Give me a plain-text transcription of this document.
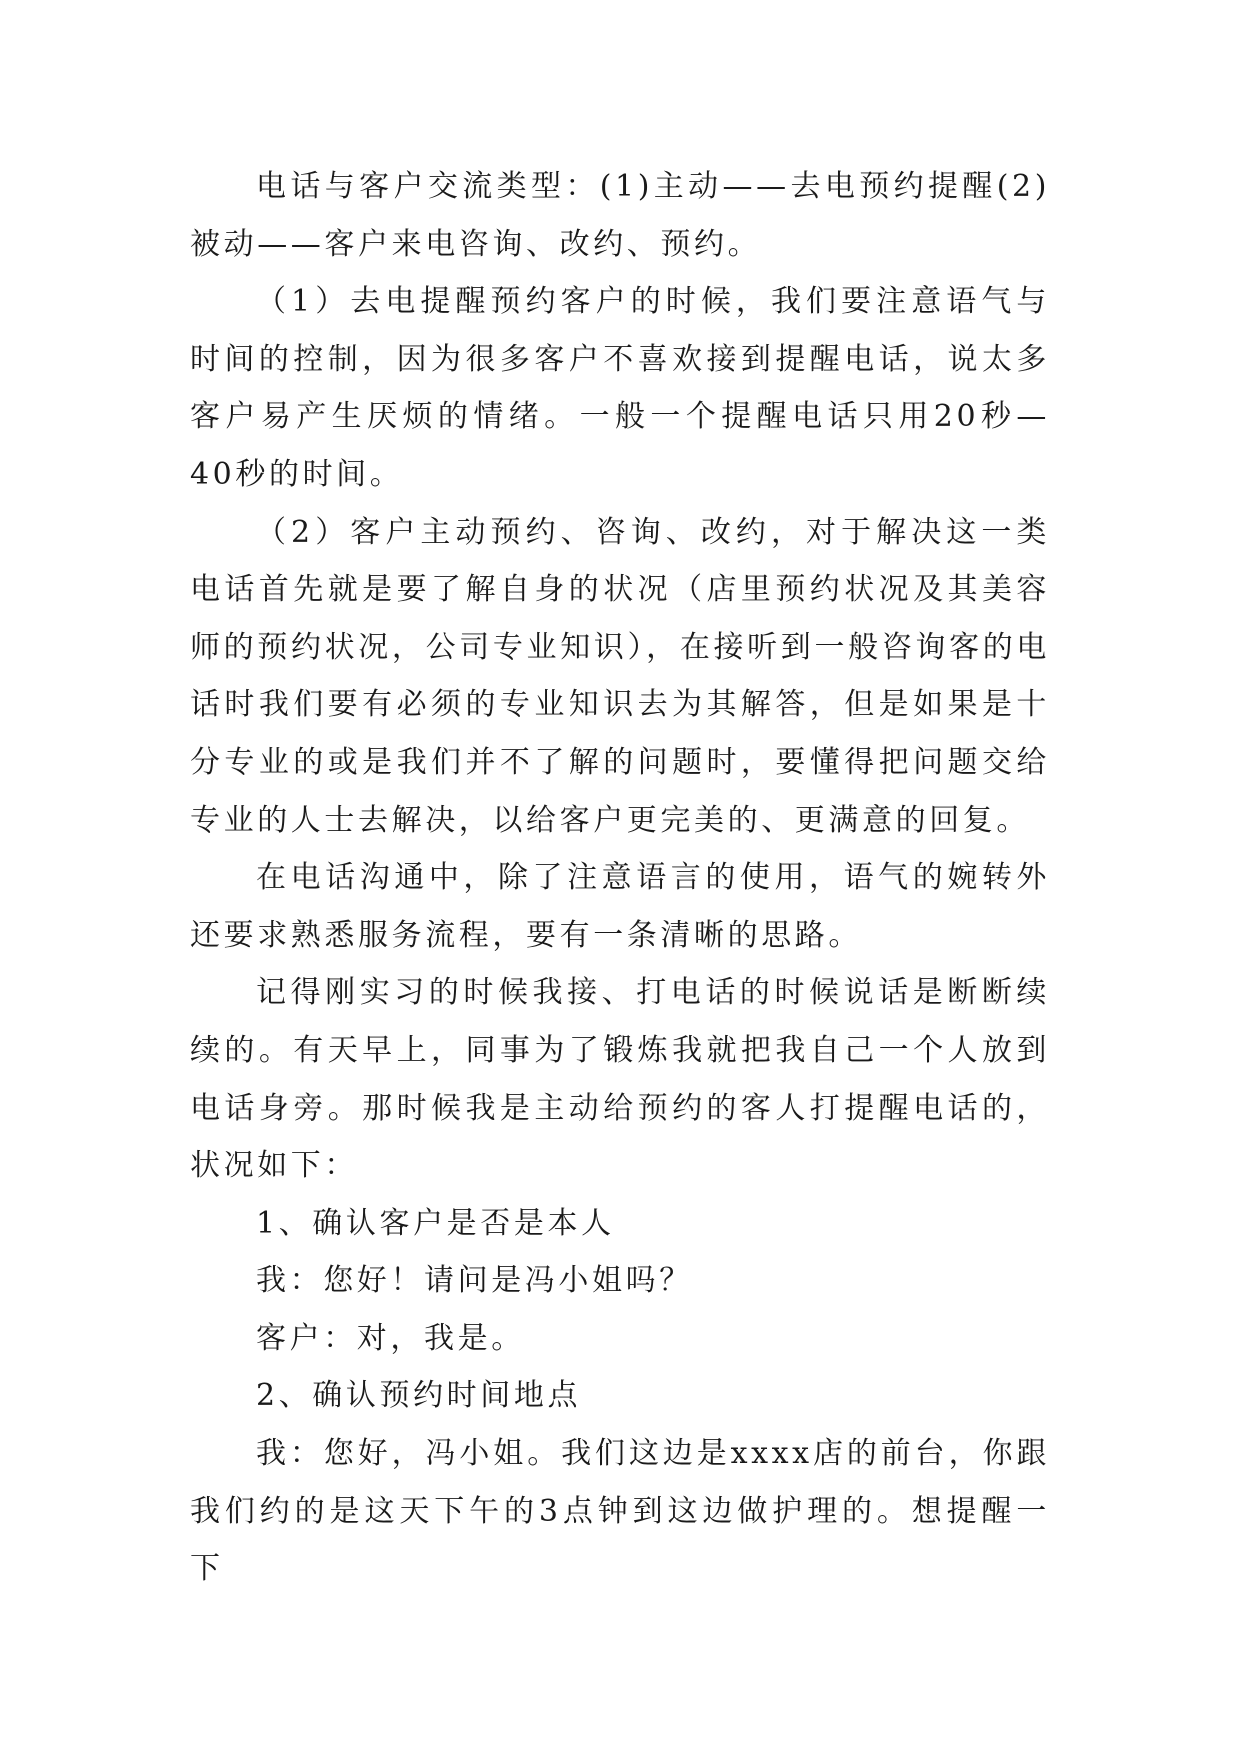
电话与客户交流类型：(1)主动——去电预约提醒(2)被动——客户来电咨询、改约、预约。

（1）去电提醒预约客户的时候，我们要注意语气与时间的控制，因为很多客户不喜欢接到提醒电话，说太多客户易产生厌烦的情绪。一般一个提醒电话只用20秒—40秒的时间。

（2）客户主动预约、咨询、改约，对于解决这一类电话首先就是要了解自身的状况（店里预约状况及其美容师的预约状况，公司专业知识），在接听到一般咨询客的电话时我们要有必须的专业知识去为其解答，但是如果是十分专业的或是我们并不了解的问题时，要懂得把问题交给专业的人士去解决，以给客户更完美的、更满意的回复。

在电话沟通中，除了注意语言的使用，语气的婉转外还要求熟悉服务流程，要有一条清晰的思路。

记得刚实习的时候我接、打电话的时候说话是断断续续的。有天早上，同事为了锻炼我就把我自己一个人放到电话身旁。那时候我是主动给预约的客人打提醒电话的，状况如下：

1、确认客户是否是本人

我：您好！请问是冯小姐吗？

客户：对，我是。

2、确认预约时间地点

我：您好，冯小姐。我们这边是xxxx店的前台，你跟我们约的是这天下午的3点钟到这边做护理的。想提醒一下
